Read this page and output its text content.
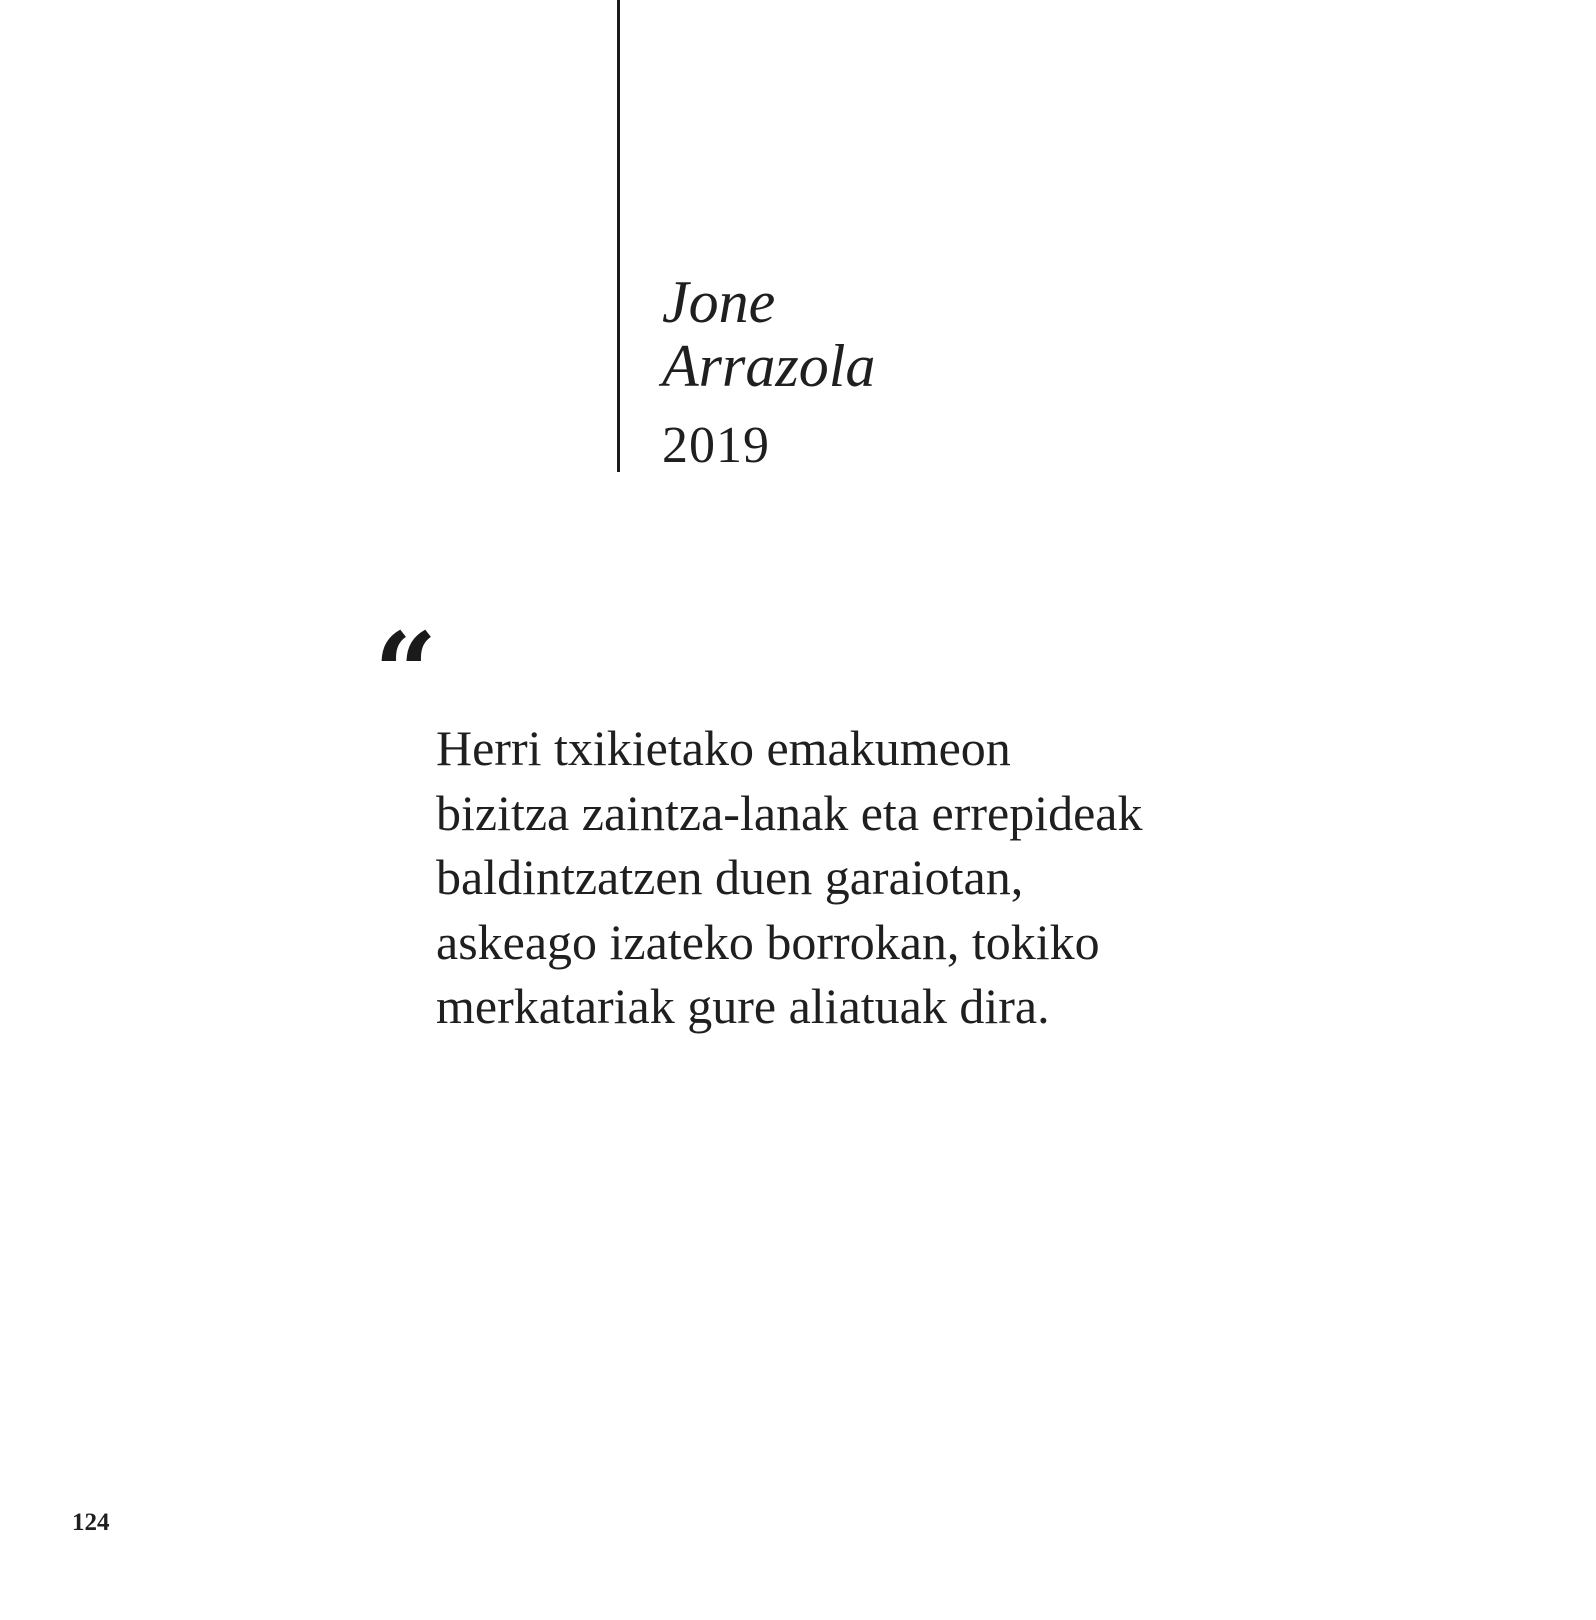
Jone
Arrazola
2019
“
Herri txikietako emakumeon
bizitza zaintza-lanak eta errepideak
baldintzatzen duen garaiotan,
askeago izateko borrokan, tokiko
merkatariak gure aliatuak dira.
124
